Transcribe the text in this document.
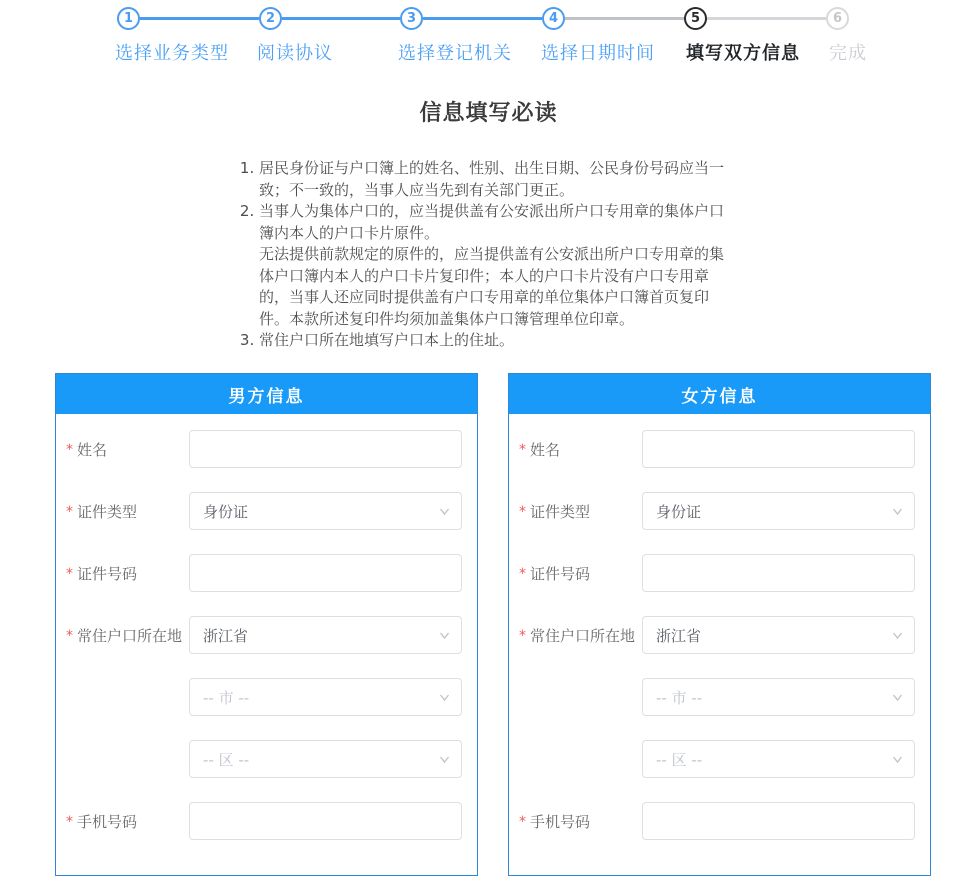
1	2	3	4	5	6
选择业务类型 阅读协议	选择登记机关 选择日期时间 填写双方信息 完成
信息填写必读

1. 居民身份证与户口簿上的姓名、性别、出生日期、公民身份号码应当一致；不一致的，当事人应当先到有关部门更正。

2. 当事人为集体户口的，应当提供盖有公安派出所户口专用章的集体户口簿内本人的户口卡片原件。

无法提供前款规定的原件的，应当提供盖有公安派出所户口专用章的集体户口簿内本人的户口卡片复印件；本人的户口卡片没有户口专用章的，当事人还应同时提供盖有户口专用章的单位集体户口簿首页复印件。本款所述复印件均须加盖集体户口簿管理单位印章。

3. 常住户口所在地填写户口本上的住址。

男方信息
* 姓名
* 证件类型	身份证
* 证件号码
* 常住户口所在地	浙江省
-- 市 --
-- 区 --
* 手机号码
女方信息
* 姓名
* 证件类型	身份证
* 证件号码
* 常住户口所在地	浙江省
-- 市 --
-- 区 --
* 手机号码
